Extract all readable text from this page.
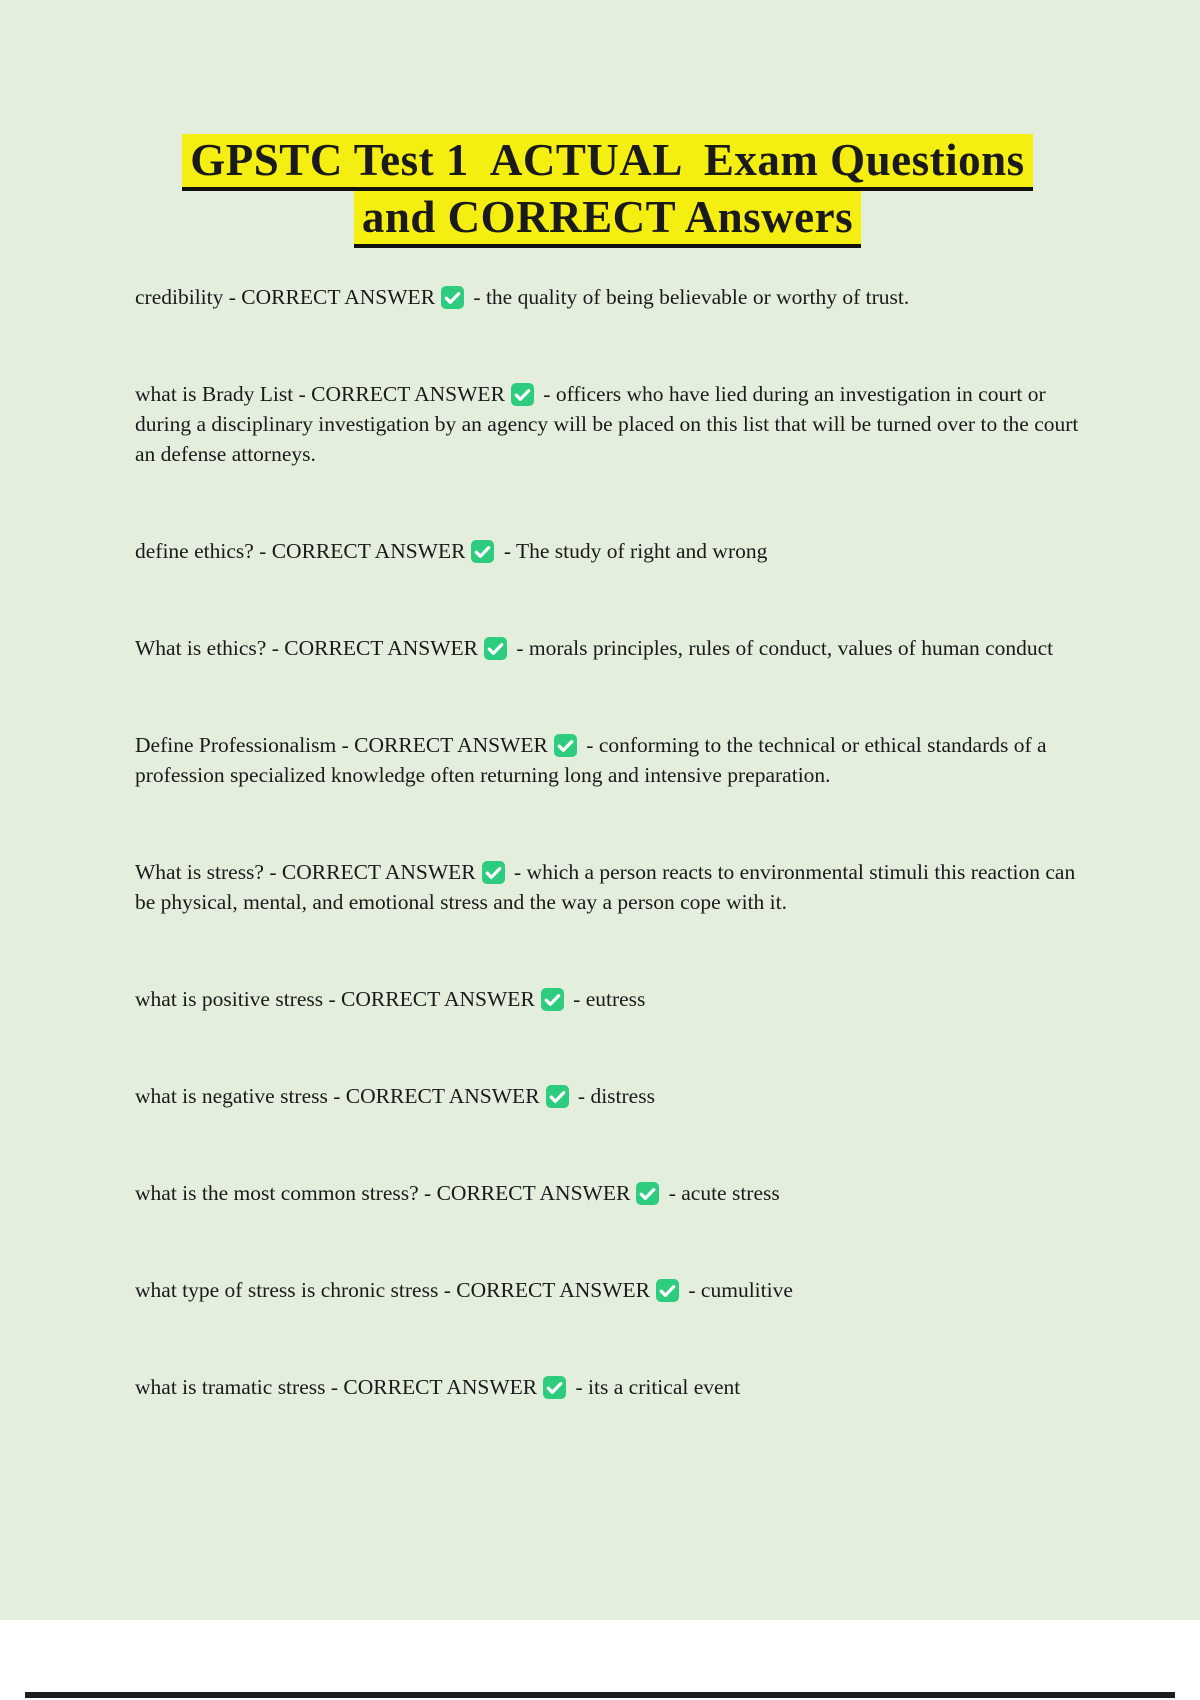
GPSTC Test 1  ACTUAL  Exam Questions
and CORRECT Answers

credibility - CORRECT ANSWER
- the quality of being believable or worthy of trust.

what is Brady List - CORRECT ANSWER
- officers who have lied during an investigation in court or during a disciplinary investigation by an agency will be placed on this list that will be turned over to the court an defense attorneys.

define ethics? - CORRECT ANSWER
- The study of right and wrong

What is ethics? - CORRECT ANSWER
- morals principles, rules of conduct, values of human conduct

Define Professionalism - CORRECT ANSWER
- conforming to the technical or ethical standards of a profession specialized knowledge often returning long and intensive preparation.

What is stress? - CORRECT ANSWER
- which a person reacts to environmental stimuli this reaction can be physical, mental, and emotional stress and the way a person cope with it.

what is positive stress - CORRECT ANSWER
- eutress

what is negative stress - CORRECT ANSWER
- distress

what is the most common stress? - CORRECT ANSWER
- acute stress

what type of stress is chronic stress - CORRECT ANSWER
- cumulitive

what is tramatic stress - CORRECT ANSWER
- its a critical event
